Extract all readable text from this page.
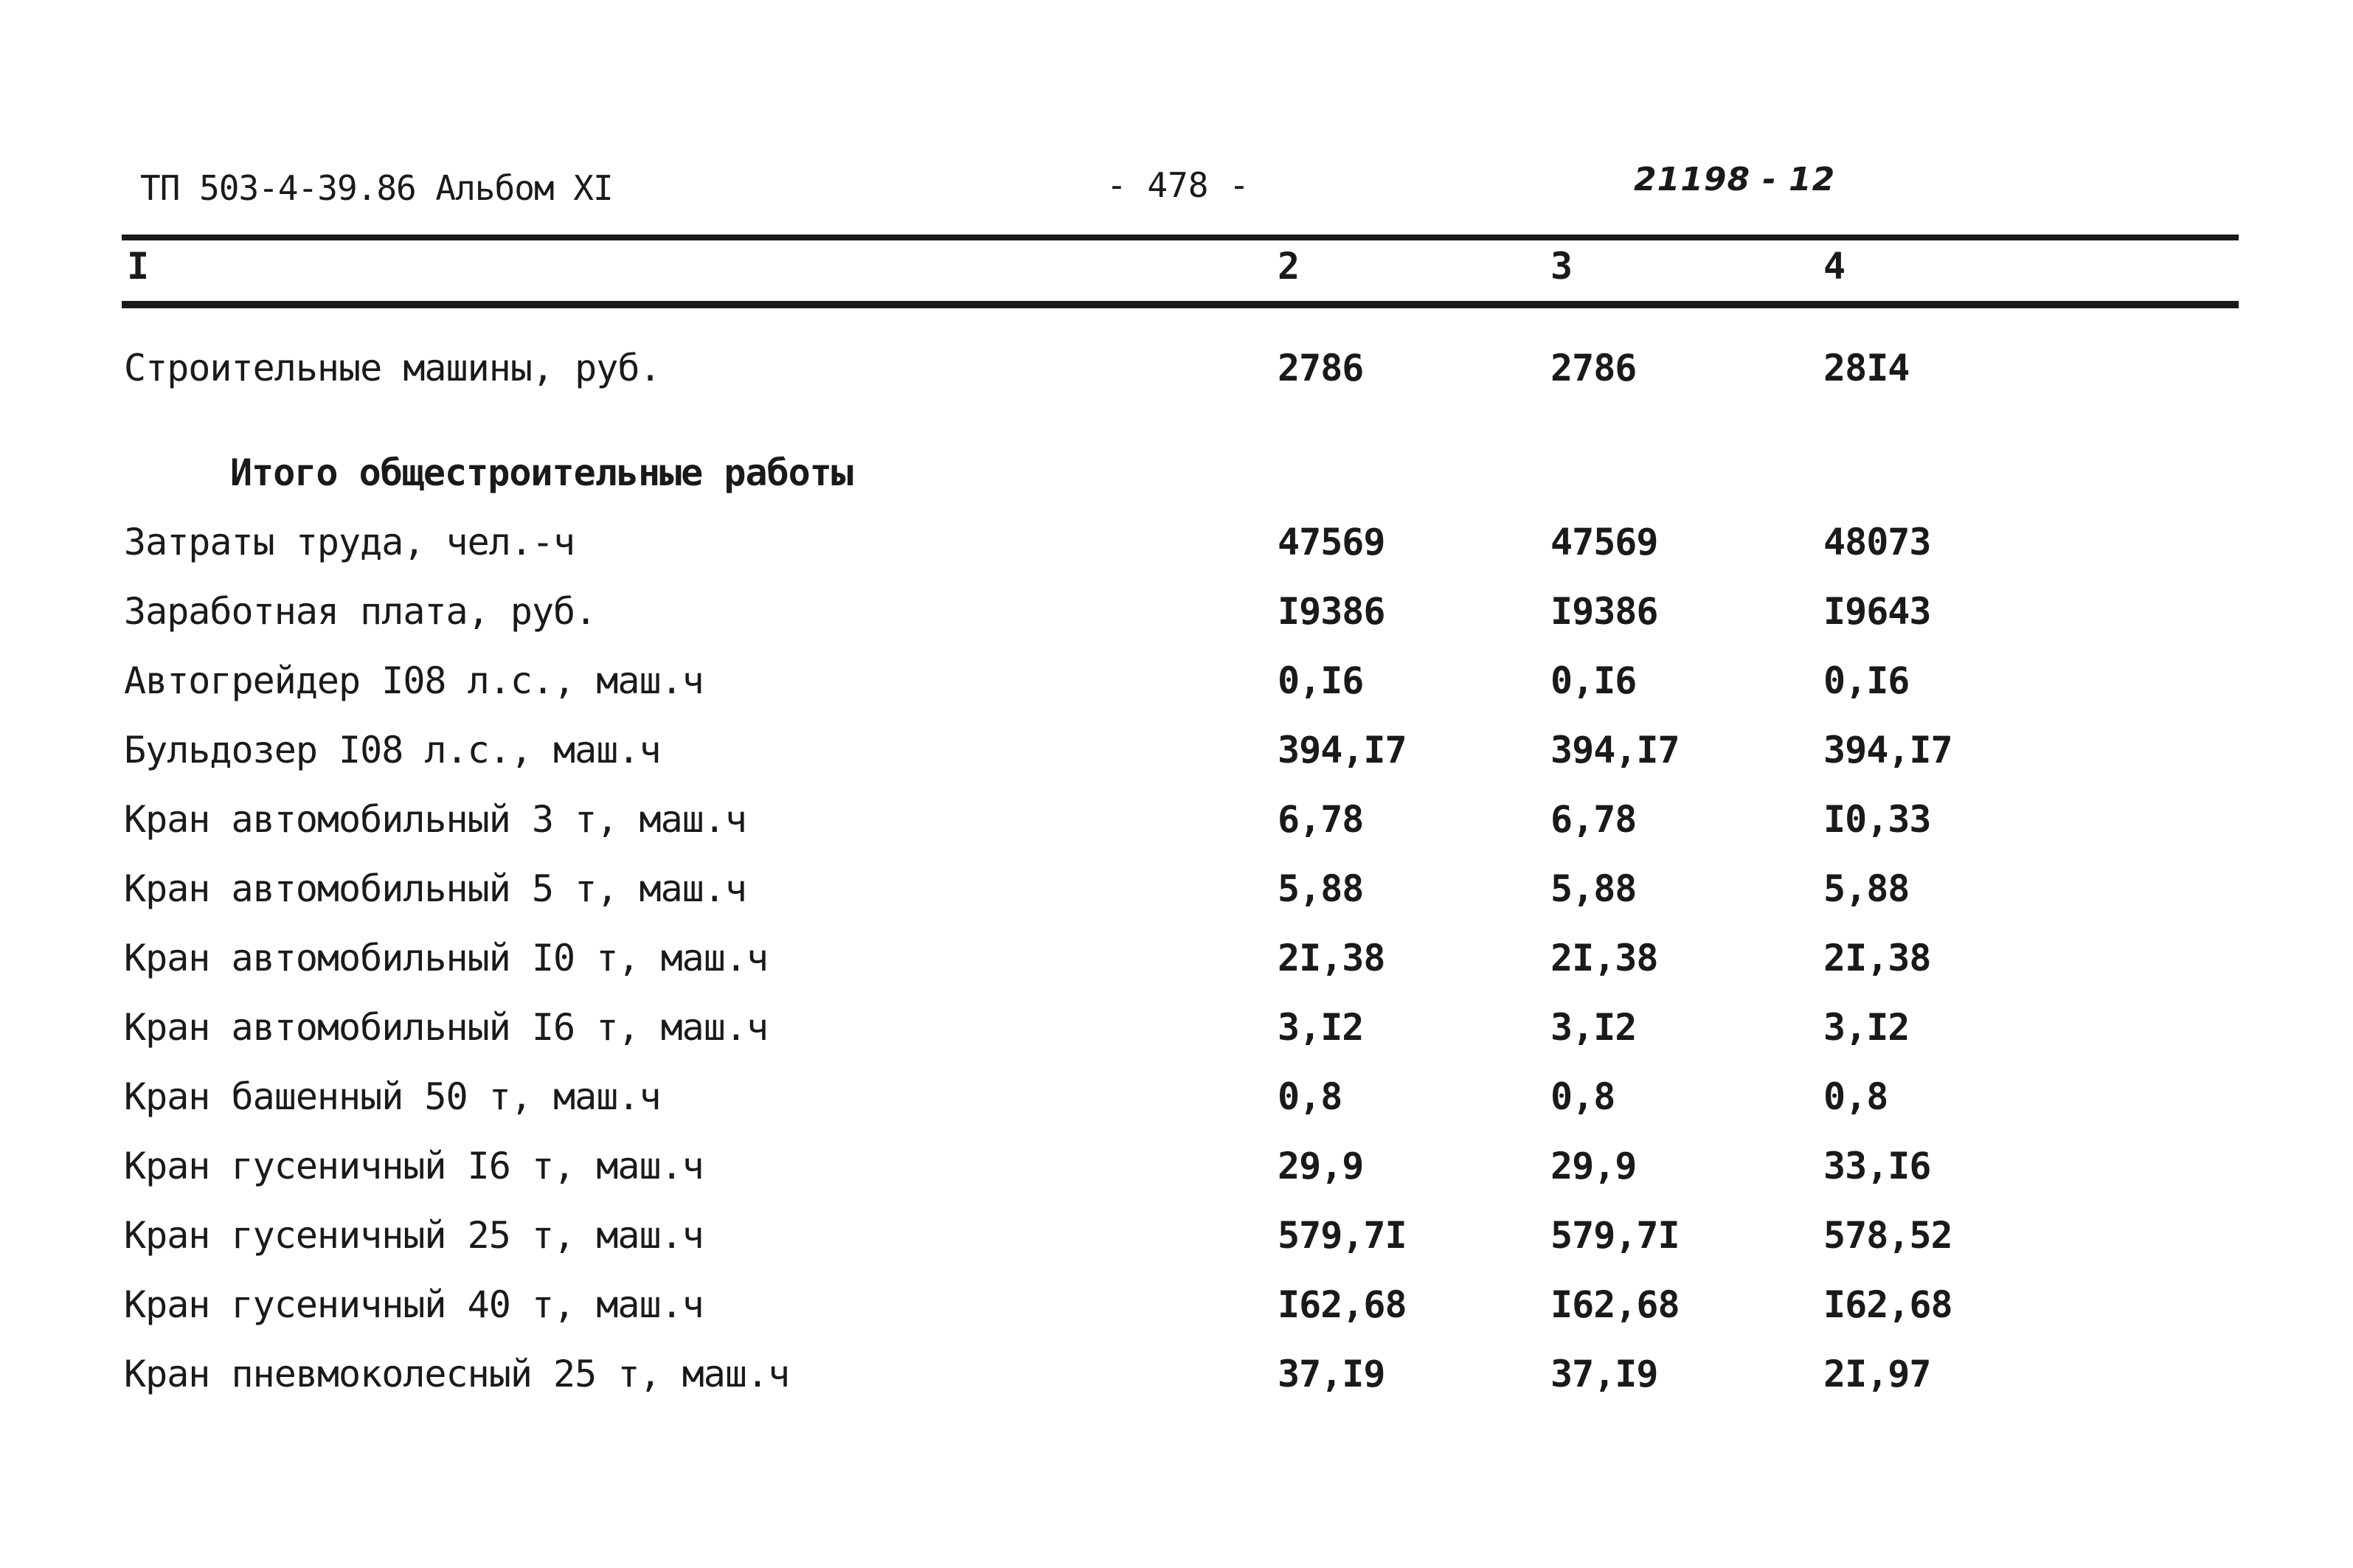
ТП 503-4-39.86 Альбом XI	- 478 -	21198 - 12
I	2	3	4
Строительные машины, руб.	2786	2786	28I4
Итого общестроительные работы
Затраты труда, чел.-ч	47569	47569	48073
Заработная плата, руб.	I9386	I9386	I9643
Автогрейдер I08 л.с., маш.ч	0,I6	0,I6	0,I6
Бульдозер I08 л.с., маш.ч	394,I7	394,I7	394,I7
Кран автомобильный 3 т, маш.ч	6,78	6,78	I0,33
Кран автомобильный 5 т, маш.ч	5,88	5,88	5,88
Кран автомобильный I0 т, маш.ч	2I,38	2I,38	2I,38
Кран автомобильный I6 т, маш.ч	3,I2	3,I2	3,I2
Кран башенный 50 т, маш.ч	0,8	0,8	0,8
Кран гусеничный I6 т, маш.ч	29,9	29,9	33,I6
Кран гусеничный 25 т, маш.ч	579,7I	579,7I	578,52
Кран гусеничный 40 т, маш.ч	I62,68	I62,68	I62,68
Кран пневмоколесный 25 т, маш.ч	37,I9	37,I9	2I,97
